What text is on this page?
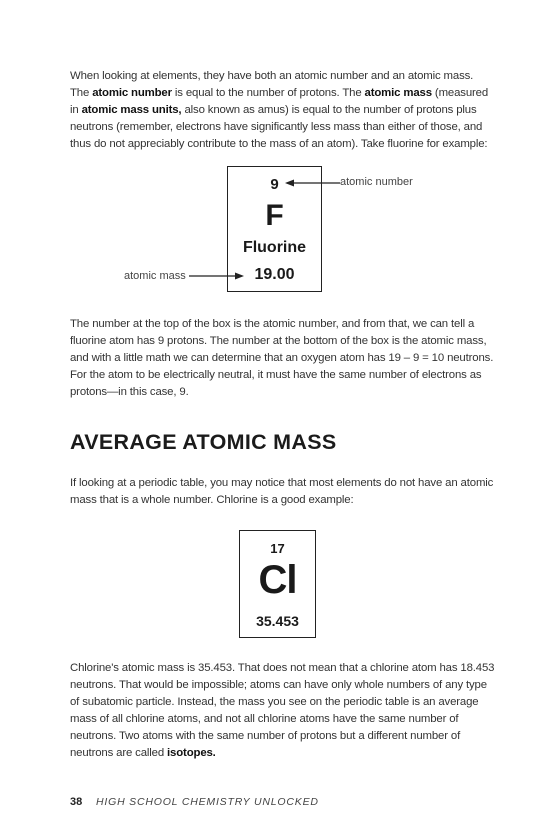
When looking at elements, they have both an atomic number and an atomic mass. The atomic number is equal to the number of protons. The atomic mass (measured in atomic mass units, also known as amus) is equal to the number of protons plus neutrons (remember, electrons have significantly less mass than either of those, and thus do not appreciably contribute to the mass of an atom). Take fluorine for example:

9
F
Fluorine
19.00
atomic number
atomic mass

The number at the top of the box is the atomic number, and from that, we can tell a fluorine atom has 9 protons. The number at the bottom of the box is the atomic mass, and with a little math we can determine that an oxygen atom has 19 – 9 = 10 neutrons. For the atom to be electrically neutral, it must have the same number of electrons as protons—in this case, 9.

AVERAGE ATOMIC MASS

If looking at a periodic table, you may notice that most elements do not have an atomic mass that is a whole number. Chlorine is a good example:

17
Cl
35.453

Chlorine's atomic mass is 35.453. That does not mean that a chlorine atom has 18.453 neutrons. That would be impossible; atoms can have only whole numbers of any type of subatomic particle. Instead, the mass you see on the periodic table is an average mass of all chlorine atoms, and not all chlorine atoms have the same number of neutrons. Two atoms with the same number of protons but a different number of neutrons are called isotopes.

38 HIGH SCHOOL CHEMISTRY UNLOCKED
